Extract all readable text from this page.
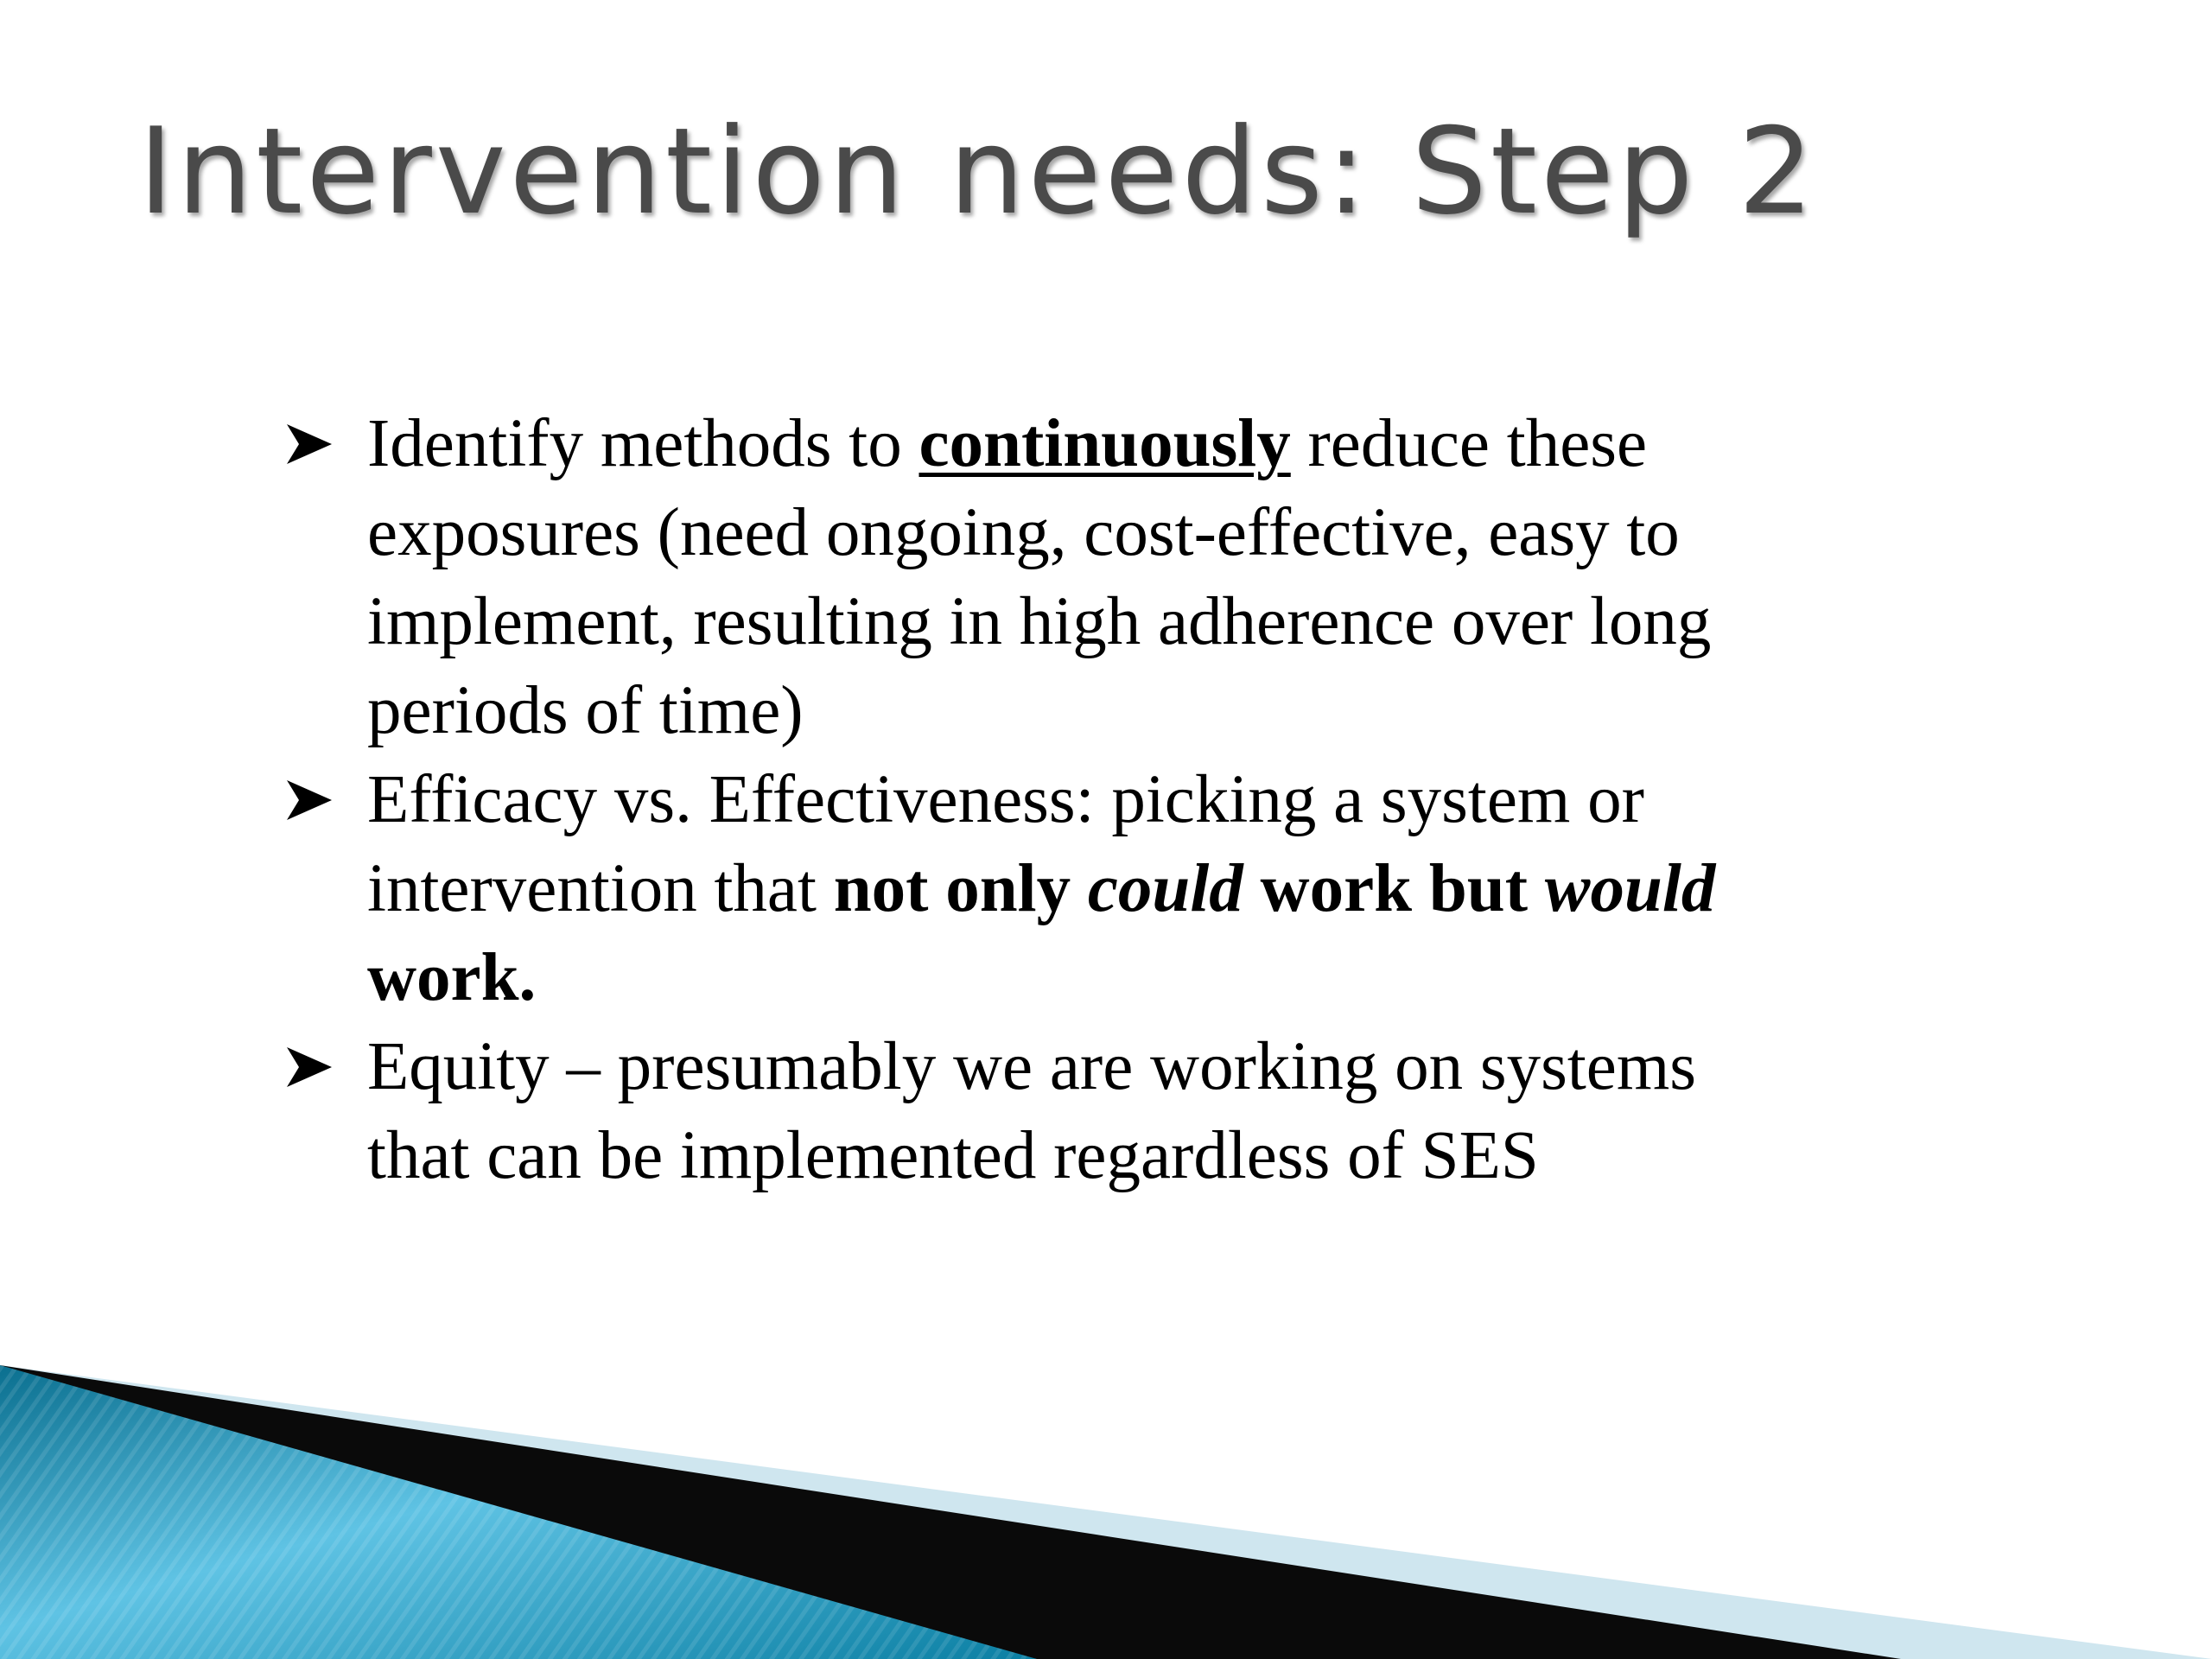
Intervention needs: Step 2
Identify methods to continuously reduce these exposures (need ongoing, cost-effective, easy to implement, resulting in high adherence over long periods of time)
Efficacy vs. Effectiveness: picking a system or intervention that not only could work but would work.
Equity – presumably we are working on systems that can be implemented regardless of SES
